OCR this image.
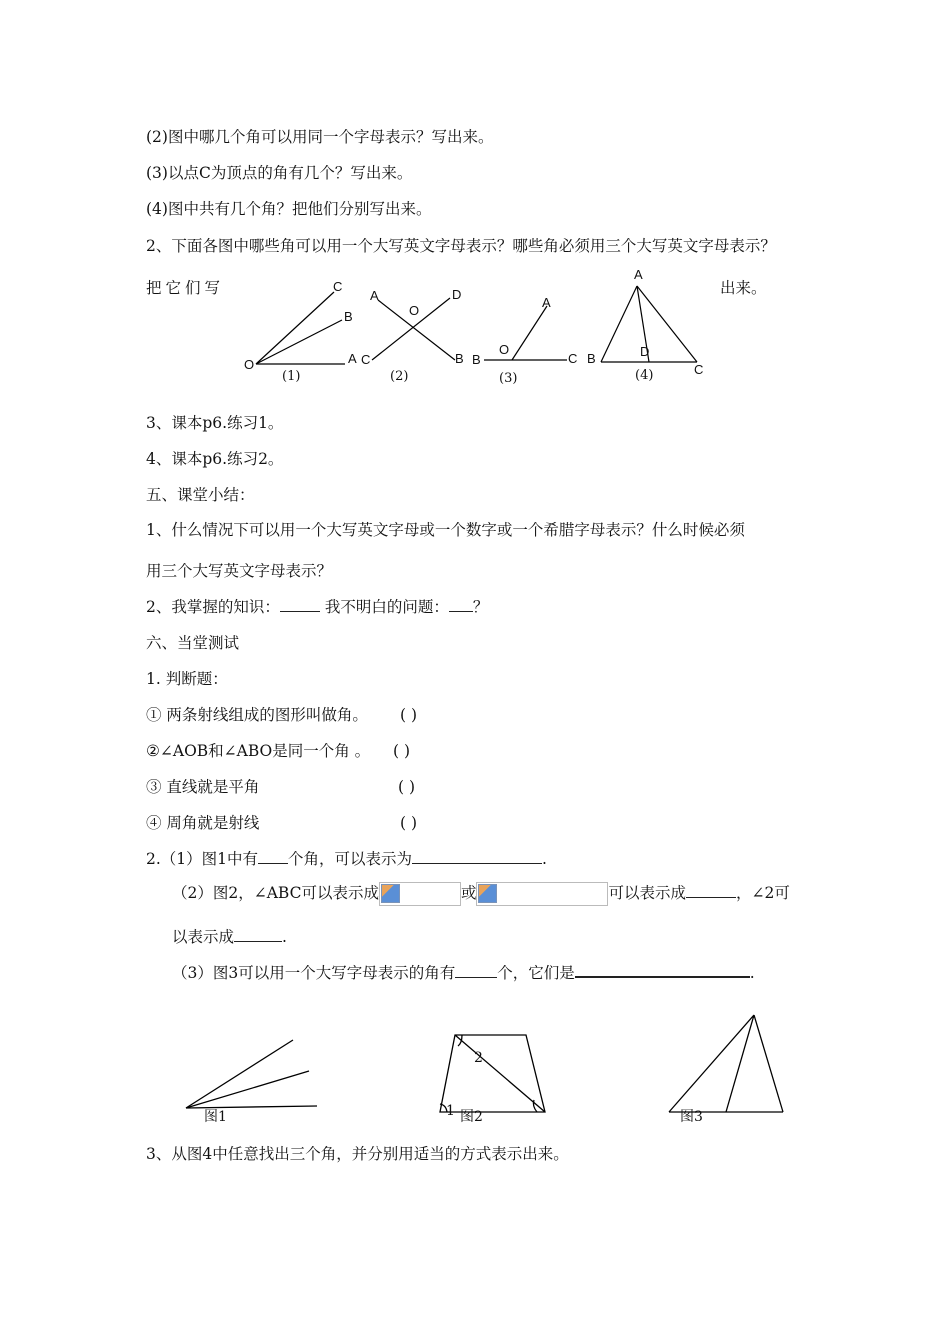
(2)图中哪几个角可以用同一个字母表示？写出来。
(3)以点C为顶点的角有几个？写出来。
(4)图中共有几个角？把他们分别写出来。
2、下面各图中哪些角可以用一个大写英文字母表示？哪些角必须用三个大写英文字母表示？
把它们写	出来。
C
B
O	A
(1)
A	D
O
C	B
(2)
A
O
B	C
(3)
A
B	D
C
(4)
3、课本p6.练习1。
4、课本p6.练习2。
五、课堂小结：
1、什么情况下可以用一个大写英文字母或一个数字或一个希腊字母表示？什么时候必须
用三个大写英文字母表示？
2、我掌握的知识：	我不明白的问题： ？
六、当堂测试
1. 判断题：
① 两条射线组成的图形叫做角。 ( )
②∠AOB和∠ABO是同一个角 。 ( )
③ 直线就是平角	( )
④ 周角就是射线	( )
2.（1）图1中有 个角，可以表示为	.
（2）图2，∠ABC可以表示成	或	可以表示成	，∠2可
以表示成	.
（3）图3可以用一个大写字母表示的角有	个，它们是	.
图1	图2	图3
2
1
3、从图4中任意找出三个角，并分别用适当的方式表示出来。
